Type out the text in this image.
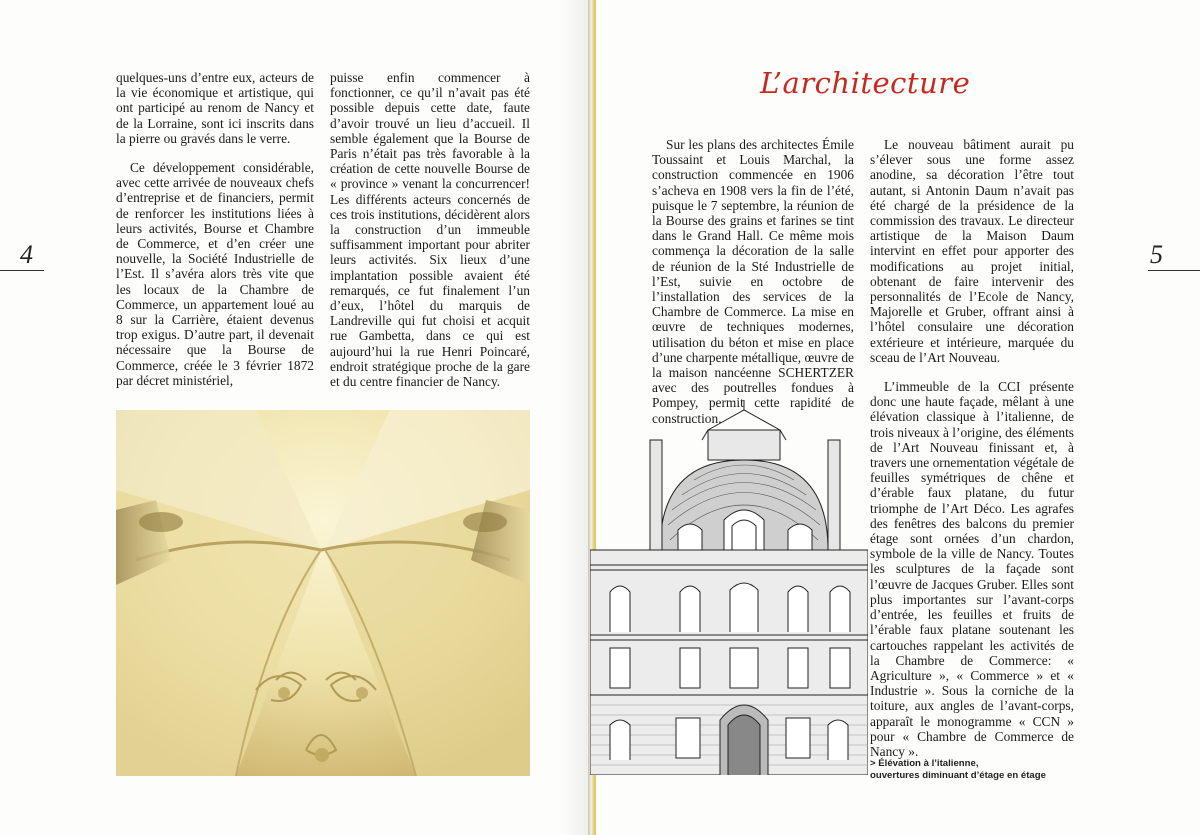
4

quelques-uns d’entre eux, acteurs de la vie économique et artistique, qui ont participé au renom de Nancy et de la Lorraine, sont ici inscrits dans la pierre ou gravés dans le verre.

Ce développement considérable, avec cette arrivée de nouveaux chefs d’entreprise et de financiers, permit de renforcer les institutions liées à leurs activités, Bourse et Chambre de Commerce, et d’en créer une nouvelle, la Société Industrielle de l’Est. Il s’avéra alors très vite que les locaux de la Chambre de Commerce, un appartement loué au 8 sur la Carrière, étaient devenus trop exigus. D’autre part, il devenait nécessaire que la Bourse de Commerce, créée le 3 février 1872 par décret ministériel,

puisse enfin commencer à fonctionner, ce qu’il n’avait pas été possible depuis cette date, faute d’avoir trouvé un lieu d’accueil. Il semble également que la Bourse de Paris n’était pas très favorable à la création de cette nouvelle Bourse de « province » venant la concurrencer! Les différents acteurs concernés de ces trois institutions, décidèrent alors la construction d’un immeuble suffisamment important pour abriter leurs activités. Six lieux d’une implantation possible avaient été remarqués, ce fut finalement l’un d’eux, l’hôtel du marquis de Landreville qui fut choisi et acquit rue Gambetta, dans ce qui est aujourd’hui la rue Henri Poincaré, endroit stratégique proche de la gare et du centre financier de Nancy.

5
L’architecture

Sur les plans des architectes Émile Toussaint et Louis Marchal, la construction commencée en 1906 s’acheva en 1908 vers la fin de l’été, puisque le 7 septembre, la réunion de la Bourse des grains et farines se tint dans le Grand Hall. Ce même mois commença la décoration de la salle de réunion de la Sté Industrielle de l’Est, suivie en octobre de l’installation des services de la Chambre de Commerce. La mise en œuvre de techniques modernes, utilisation du béton et mise en place d’une charpente métallique, œuvre de la maison nancéenne SCHERTZER avec des poutrelles fondues à Pompey, permit cette rapidité de construction.

Le nouveau bâtiment aurait pu s’élever sous une forme assez anodine, sa décoration l’être tout autant, si Antonin Daum n’avait pas été chargé de la présidence de la commission des travaux. Le directeur artistique de la Maison Daum intervint en effet pour apporter des modifications au projet initial, obtenant de faire intervenir des personnalités de l’Ecole de Nancy, Majorelle et Gruber, offrant ainsi à l’hôtel consulaire une décoration extérieure et intérieure, marquée du sceau de l’Art Nouveau.

L’immeuble de la CCI présente donc une haute façade, mêlant à une élévation classique à l’italienne, de trois niveaux à l’origine, des éléments de l’Art Nouveau finissant et, à travers une ornementation végétale de feuilles symétriques de chêne et d’érable faux platane, du futur triomphe de l’Art Déco. Les agrafes des fenêtres des balcons du premier étage sont ornées d’un chardon, symbole de la ville de Nancy. Toutes les sculptures de la façade sont l’œuvre de Jacques Gruber. Elles sont plus importantes sur l’avant-corps d’entrée, les feuilles et fruits de l’érable faux platane soutenant les cartouches rappelant les activités de la Chambre de Commerce: « Agriculture », « Commerce » et « Industrie ». Sous la corniche de la toiture, aux angles de l’avant-corps, apparaît le monogramme « CCN » pour « Chambre de Commerce de Nancy ».

> Élévation à l’italienne,
ouvertures diminuant d’étage en étage
